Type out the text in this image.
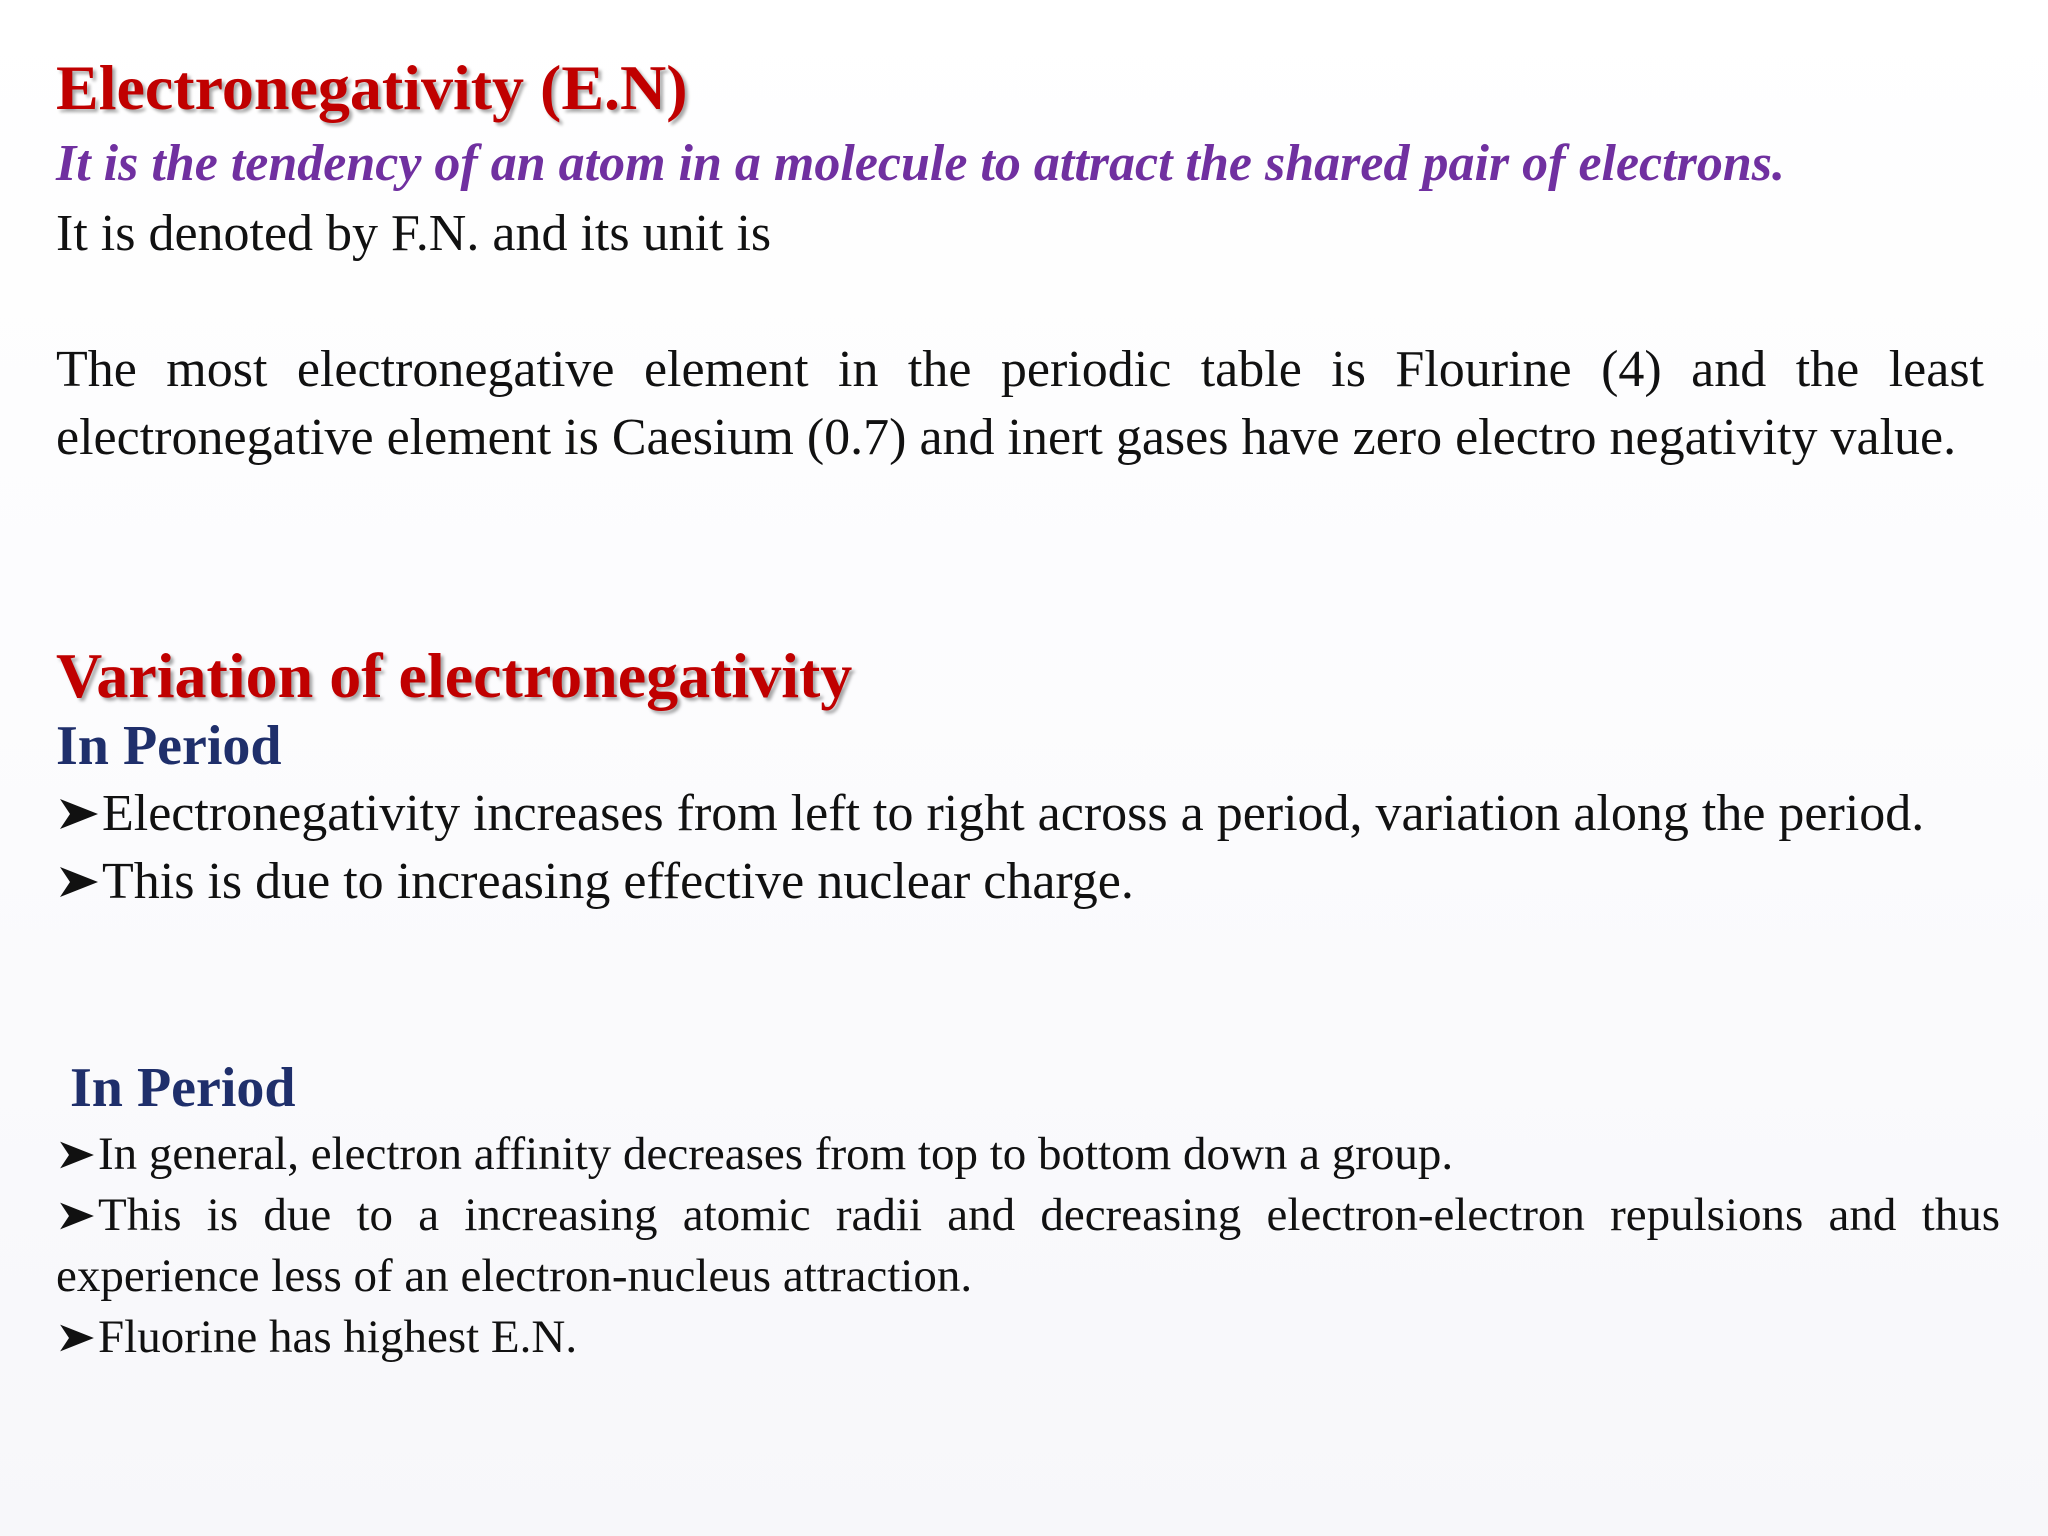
Electronegativity (E.N)

It is the tendency of an atom in a molecule to attract the shared pair of electrons.

It is denoted by F.N. and its unit is

The most electronegative element in the periodic table is Flourine (4) and the least electronegative element is Caesium (0.7) and inert gases have zero electro negativity value.

Variation of electronegativity
In Period
Electronegativity increases from left to right across a period, variation along the period.
This is due to increasing effective nuclear charge.
In Period
In general, electron affinity decreases from top to bottom down a group.
This is due to a increasing atomic radii and decreasing electron-electron repulsions and thus experience less of an electron-nucleus attraction.
Fluorine has highest E.N.
